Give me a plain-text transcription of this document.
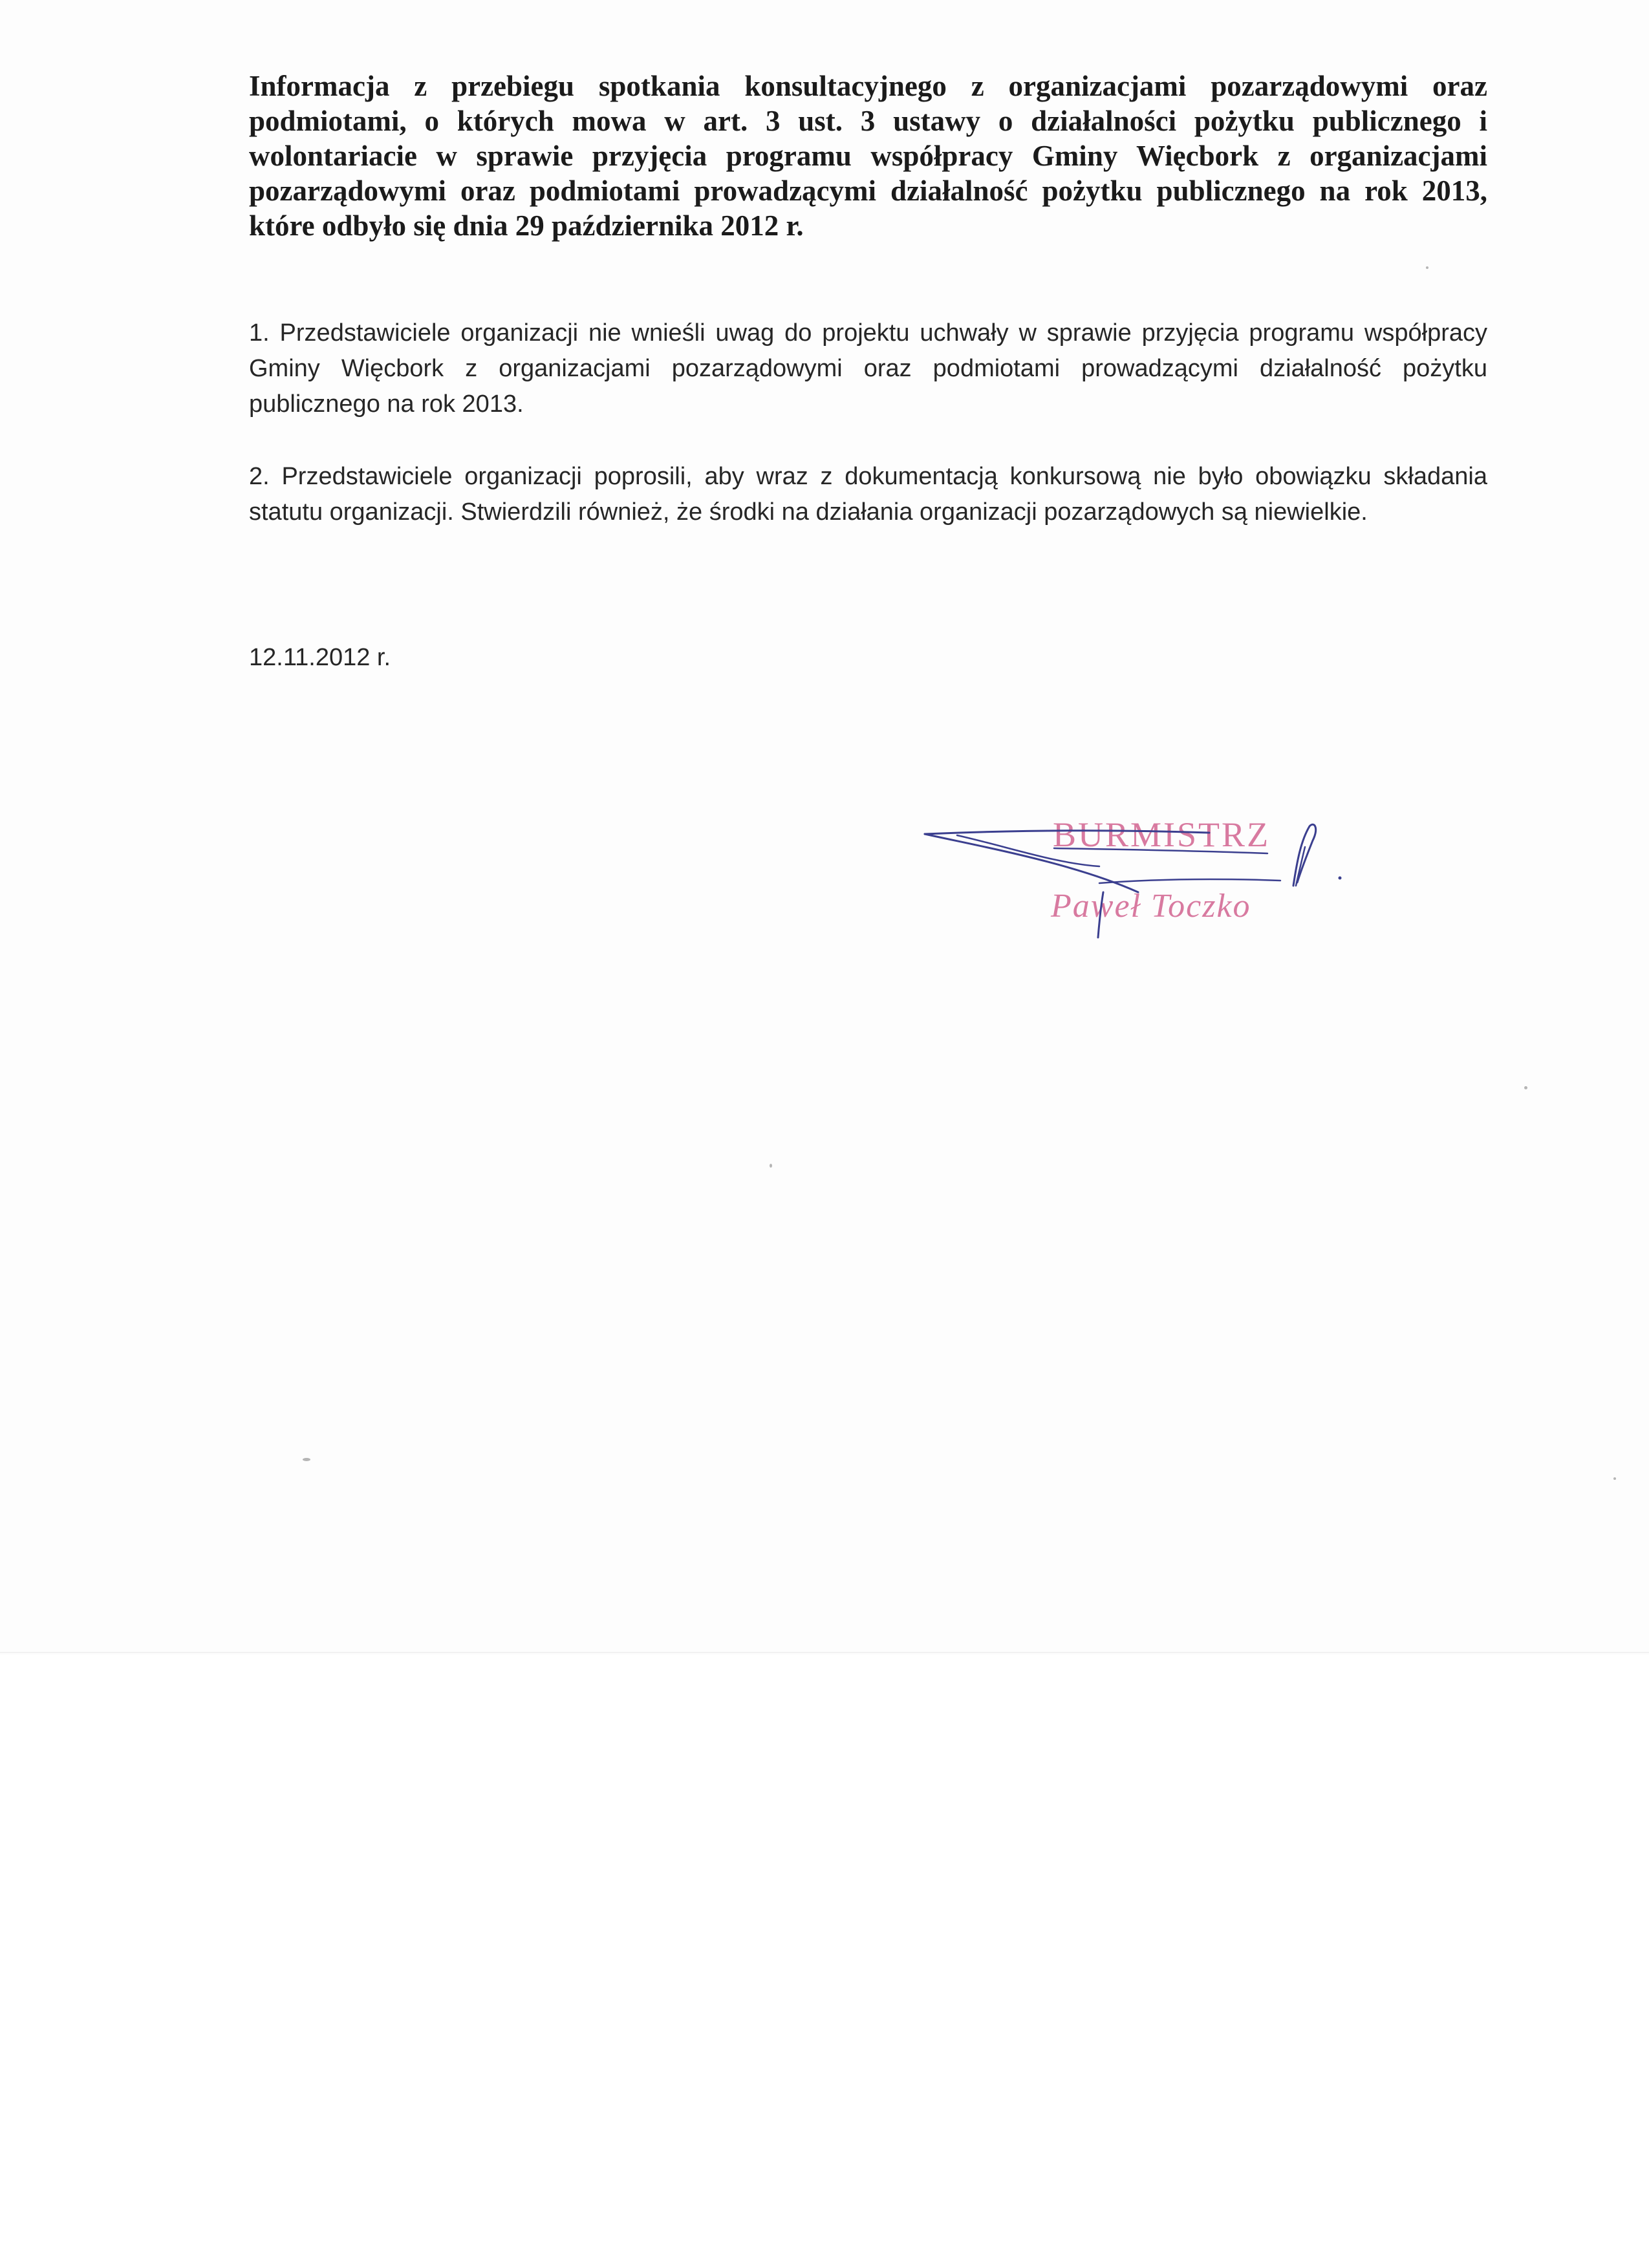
Informacja z przebiegu spotkania konsultacyjnego z organizacjami pozarządowymi oraz podmiotami, o których mowa w art. 3 ust. 3 ustawy o działalności pożytku publicznego i wolontariacie w sprawie przyjęcia programu współpracy Gminy Więcbork z organizacjami pozarządowymi oraz podmiotami prowadzącymi działalność pożytku publicznego na rok 2013, które odbyło się dnia 29 października 2012 r.

1. Przedstawiciele organizacji nie wnieśli uwag do projektu uchwały w sprawie przyjęcia programu współpracy Gminy Więcbork z organizacjami pozarządowymi oraz podmiotami prowadzącymi działalność pożytku publicznego na rok 2013.

2. Przedstawiciele organizacji poprosili, aby wraz z dokumentacją konkursową nie było obowiązku składania statutu organizacji. Stwierdzili również, że środki na działania organizacji pozarządowych są niewielkie.

12.11.2012 r.

BURMISTRZ

Paweł Toczko
